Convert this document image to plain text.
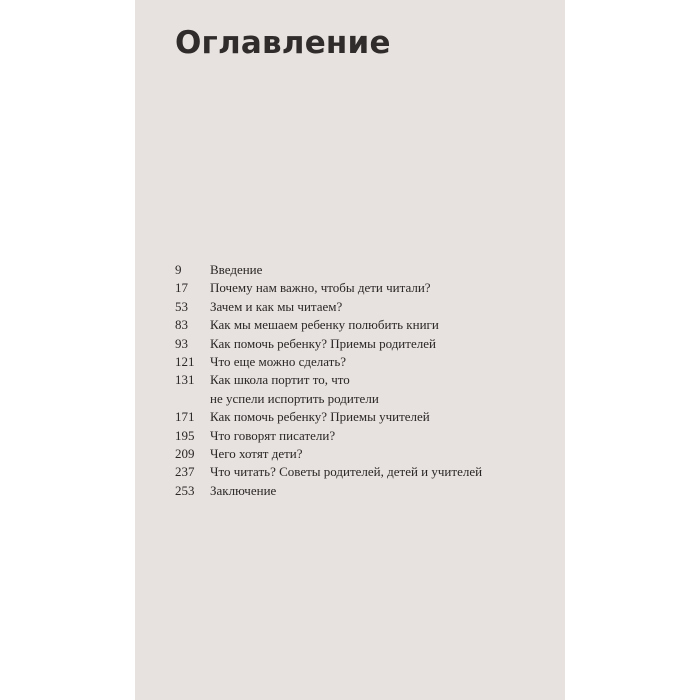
Оглавление
9 Введение
17 Почему нам важно, чтобы дети читали?
53 Зачем и как мы читаем?
83 Как мы мешаем ребенку полюбить книги
93 Как помочь ребенку? Приемы родителей
121 Что еще можно сделать?
131 Как школа портит то, что
не успели испортить родители
171 Как помочь ребенку? Приемы учителей
195 Что говорят писатели?
209 Чего хотят дети?
237 Что читать? Советы родителей, детей и учителей
253 Заключение
